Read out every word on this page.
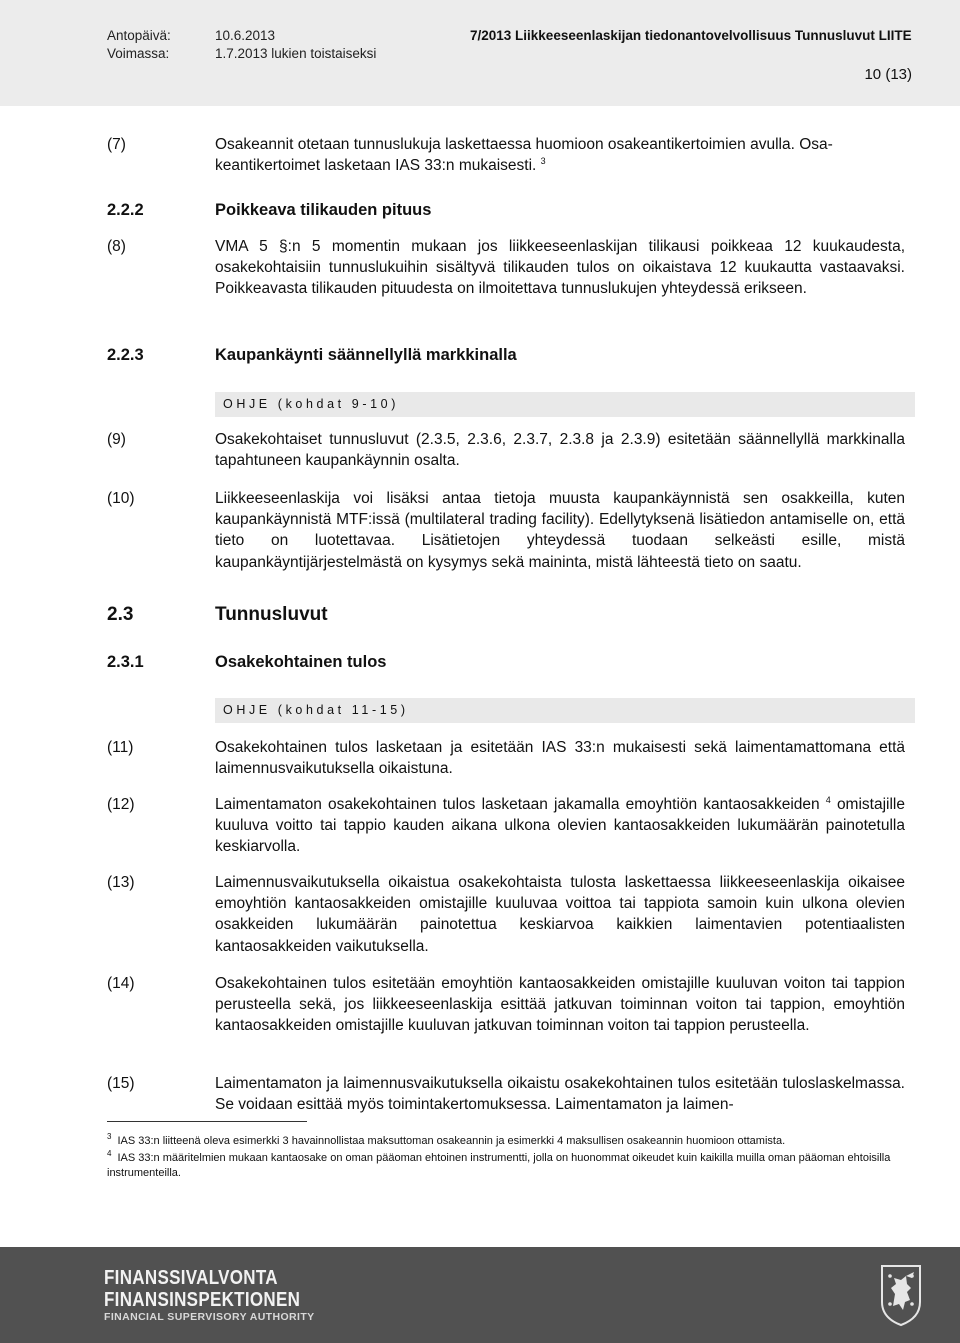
Antopäivä:	10.6.2013
Voimassa:	1.7.2013 lukien toistaiseksi
7/2013 Liikkeeseenlaskijan tiedonantovelvollisuus Tunnusluvut LIITE
10 (13)
(7)	Osakeannit otetaan tunnuslukuja laskettaessa huomioon osakeantikertoimien avulla. Osa-
keantikertoimet lasketaan IAS 33:n mukaisesti. $^3$
2.2.2	Poikkeava tilikauden pituus
(8)	VMA 5 §:n 5 momentin mukaan jos liikkeeseenlaskijan tilikausi poikkeaa 12 kuukaudesta, osakekohtaisiin tunnuslukuihin sisältyvä tilikauden tulos on oikaistava 12 kuukautta vastaavaksi. Poikkeavasta tilikauden pituudesta on ilmoitettava tunnuslukujen yhteydessä erikseen.
2.2.3	Kaupankäynti säännellyllä markkinalla
OHJE (kohdat 9-10)
(9)	Osakekohtaiset tunnusluvut (2.3.5, 2.3.6, 2.3.7, 2.3.8 ja 2.3.9) esitetään säännellyllä markkinalla tapahtuneen kaupankäynnin osalta.
(10)	Liikkeeseenlaskija voi lisäksi antaa tietoja muusta kaupankäynnistä sen osakkeilla, kuten kaupankäynnistä MTF:issä (multilateral trading facility). Edellytyksenä lisätiedon antamiselle on, että tieto on luotettavaa. Lisätietojen yhteydessä tuodaan selkeästi esille, mistä kaupankäyntijärjestelmästä on kysymys sekä maininta, mistä lähteestä tieto on saatu.
2.3	Tunnusluvut
2.3.1	Osakekohtainen tulos
OHJE (kohdat 11-15)
(11)	Osakekohtainen tulos lasketaan ja esitetään IAS 33:n mukaisesti sekä laimentamattomana että laimennusvaikutuksella oikaistuna.
(12)	Laimentamaton osakekohtainen tulos lasketaan jakamalla emoyhtiön kantaosakkeiden $^4$ omistajille kuuluva voitto tai tappio kauden aikana ulkona olevien kantaosakkeiden lukumäärän painotetulla keskiarvolla.
(13)	Laimennusvaikutuksella oikaistua osakekohtaista tulosta laskettaessa liikkeeseenlaskija oikaisee emoyhtiön kantaosakkeiden omistajille kuuluvaa voittoa tai tappiota samoin kuin ulkona olevien osakkeiden lukumäärän painotettua keskiarvoa kaikkien laimentavien potentiaalisten kantaosakkeiden vaikutuksella.
(14)	Osakekohtainen tulos esitetään emoyhtiön kantaosakkeiden omistajille kuuluvan voiton tai tappion perusteella sekä, jos liikkeeseenlaskija esittää jatkuvan toiminnan voiton tai tappion, emoyhtiön kantaosakkeiden omistajille kuuluvan jatkuvan toiminnan voiton tai tappion perusteella.
(15)	Laimentamaton ja laimennusvaikutuksella oikaistu osakekohtainen tulos esitetään tuloslaskelmassa. Se voidaan esittää myös toimintakertomuksessa. Laimentamaton ja laimen-
$^3$ IAS 33:n liitteenä oleva esimerkki 3 havainnollistaa maksuttoman osakeannin ja esimerkki 4 maksullisen osakeannin huomioon ottamista.
$^4$ IAS 33:n määritelmien mukaan kantaosake on oman pääoman ehtoinen instrumentti, jolla on huonommat oikeudet kuin kaikilla muilla oman pääoman ehtoisilla instrumenteilla.
FINANSSIVALVONTA
FINANSINSPEKTIONEN
FINANCIAL SUPERVISORY AUTHORITY
